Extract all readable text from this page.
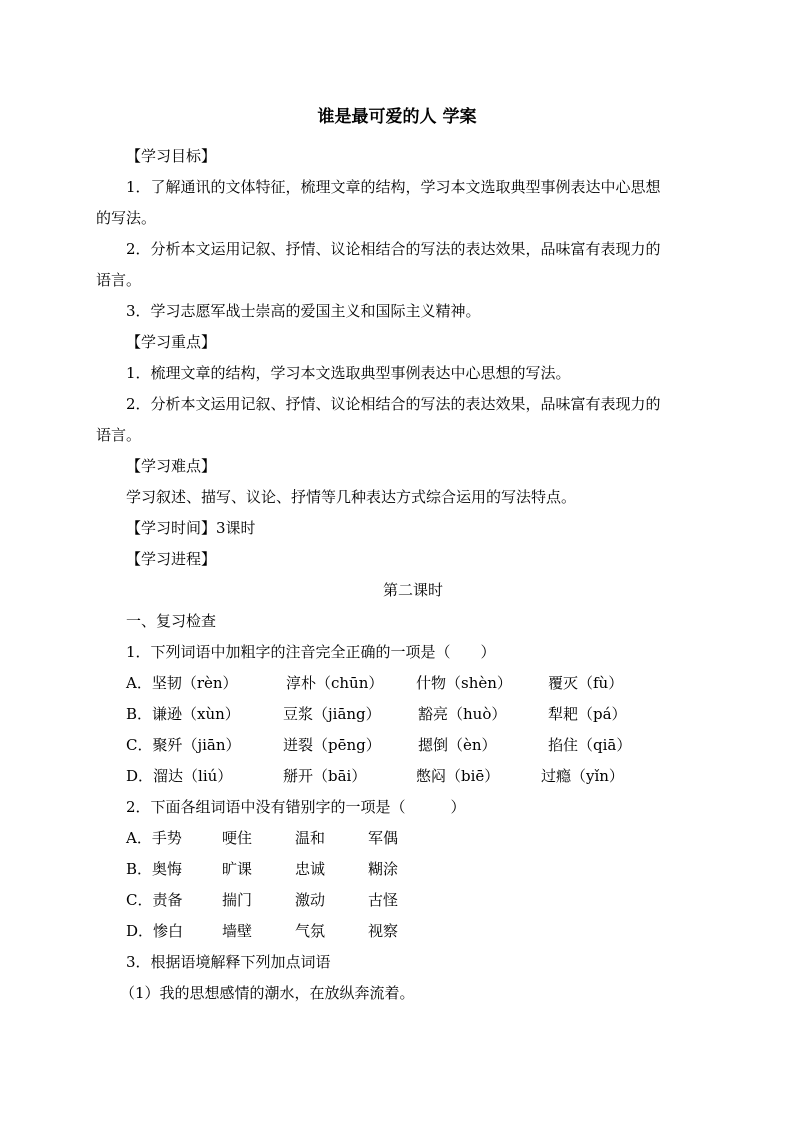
谁是最可爱的人 学案
【学习目标】
1．了解通讯的文体特征，梳理文章的结构，学习本文选取典型事例表达中心思想
的写法。
2．分析本文运用记叙、抒情、议论相结合的写法的表达效果，品味富有表现力的
语言。
3．学习志愿军战士崇高的爱国主义和国际主义精神。
【学习重点】
1．梳理文章的结构，学习本文选取典型事例表达中心思想的写法。
2．分析本文运用记叙、抒情、议论相结合的写法的表达效果，品味富有表现力的
语言。
【学习难点】
学习叙述、描写、议论、抒情等几种表达方式综合运用的写法特点。
【学习时间】3课时
【学习进程】
第二课时
一、复习检查
1．下列词语中加粗字的注音完全正确的一项是（　　）
A．坚韧（rèn）	淳朴（chūn） 什物（shèn） 覆灭（fù）
B．谦逊（xùn）	豆浆（jiāng） 豁亮（huò）	犁耙（pá）
C．聚歼（jiān）	迸裂（pēng） 摁倒（èn）	掐住（qiā）
D．溜达（liú）	掰开（bāi）	憋闷（biē）	过瘾（yǐn）
2．下面各组词语中没有错别字的一项是（　　　）
A．手势	哽住	温和	军偶
B．奥悔	旷课	忠诚	糊涂
C．责备	揣门	激动	古怪
D．惨白	墙壁	气氛	视察
3．根据语境解释下列加点词语
（1）我的思想感情的潮水，在放纵奔流着。
